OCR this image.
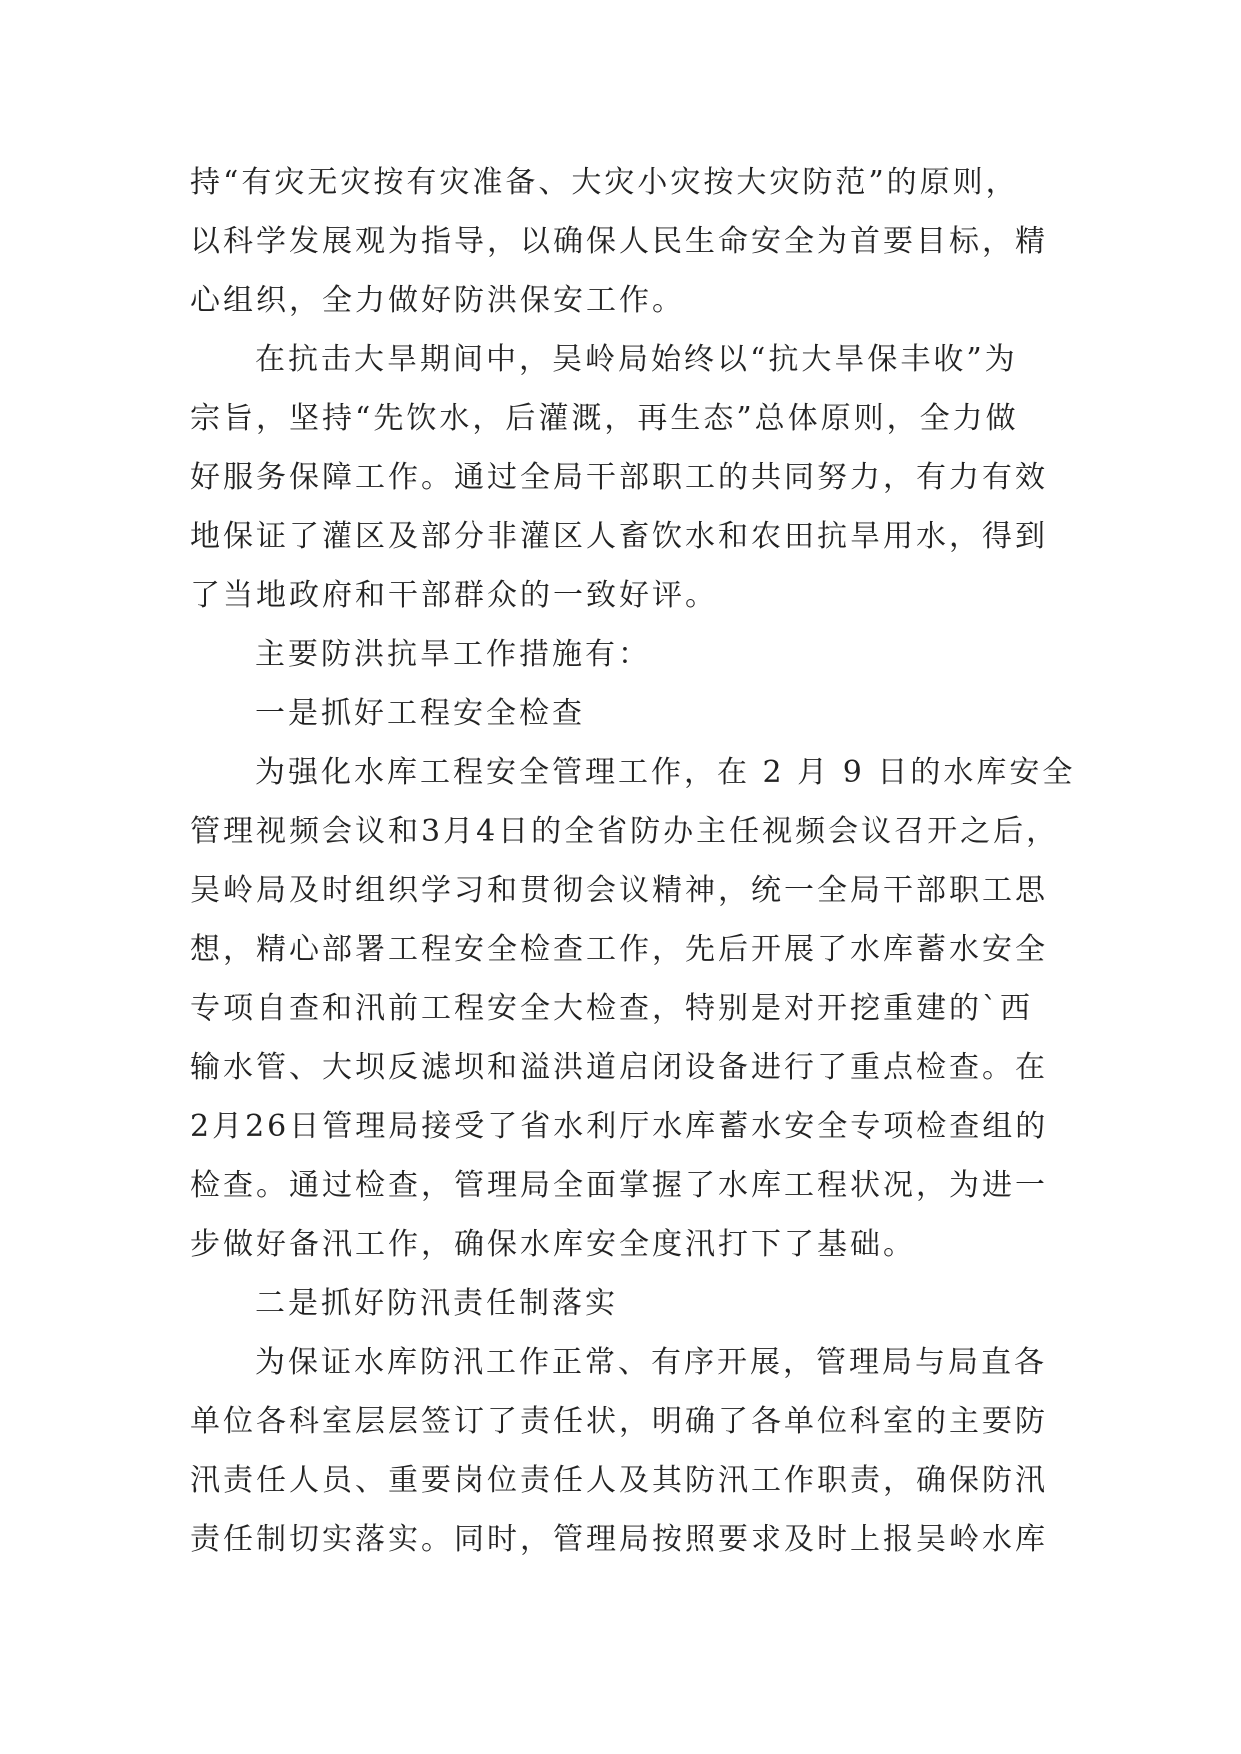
持“有灾无灾按有灾准备、大灾小灾按大灾防范”的原则，
以科学发展观为指导，以确保人民生命安全为首要目标，精
心组织，全力做好防洪保安工作。
在抗击大旱期间中，吴岭局始终以“抗大旱保丰收”为
宗旨，坚持“先饮水，后灌溉，再生态”总体原则，全力做
好服务保障工作。通过全局干部职工的共同努力，有力有效
地保证了灌区及部分非灌区人畜饮水和农田抗旱用水，得到
了当地政府和干部群众的一致好评。
主要防洪抗旱工作措施有：
一是抓好工程安全检查
为强化水库工程安全管理工作，在 2 月 9 日的水库安全
管理视频会议和3月4日的全省防办主任视频会议召开之后，
吴岭局及时组织学习和贯彻会议精神，统一全局干部职工思
想，精心部署工程安全检查工作，先后开展了水库蓄水安全
专项自查和汛前工程安全大检查，特别是对开挖重建的`西
输水管、大坝反滤坝和溢洪道启闭设备进行了重点检查。在
2月26日管理局接受了省水利厅水库蓄水安全专项检查组的
检查。通过检查，管理局全面掌握了水库工程状况，为进一
步做好备汛工作，确保水库安全度汛打下了基础。
二是抓好防汛责任制落实
为保证水库防汛工作正常、有序开展，管理局与局直各
单位各科室层层签订了责任状，明确了各单位科室的主要防
汛责任人员、重要岗位责任人及其防汛工作职责，确保防汛
责任制切实落实。同时，管理局按照要求及时上报吴岭水库
